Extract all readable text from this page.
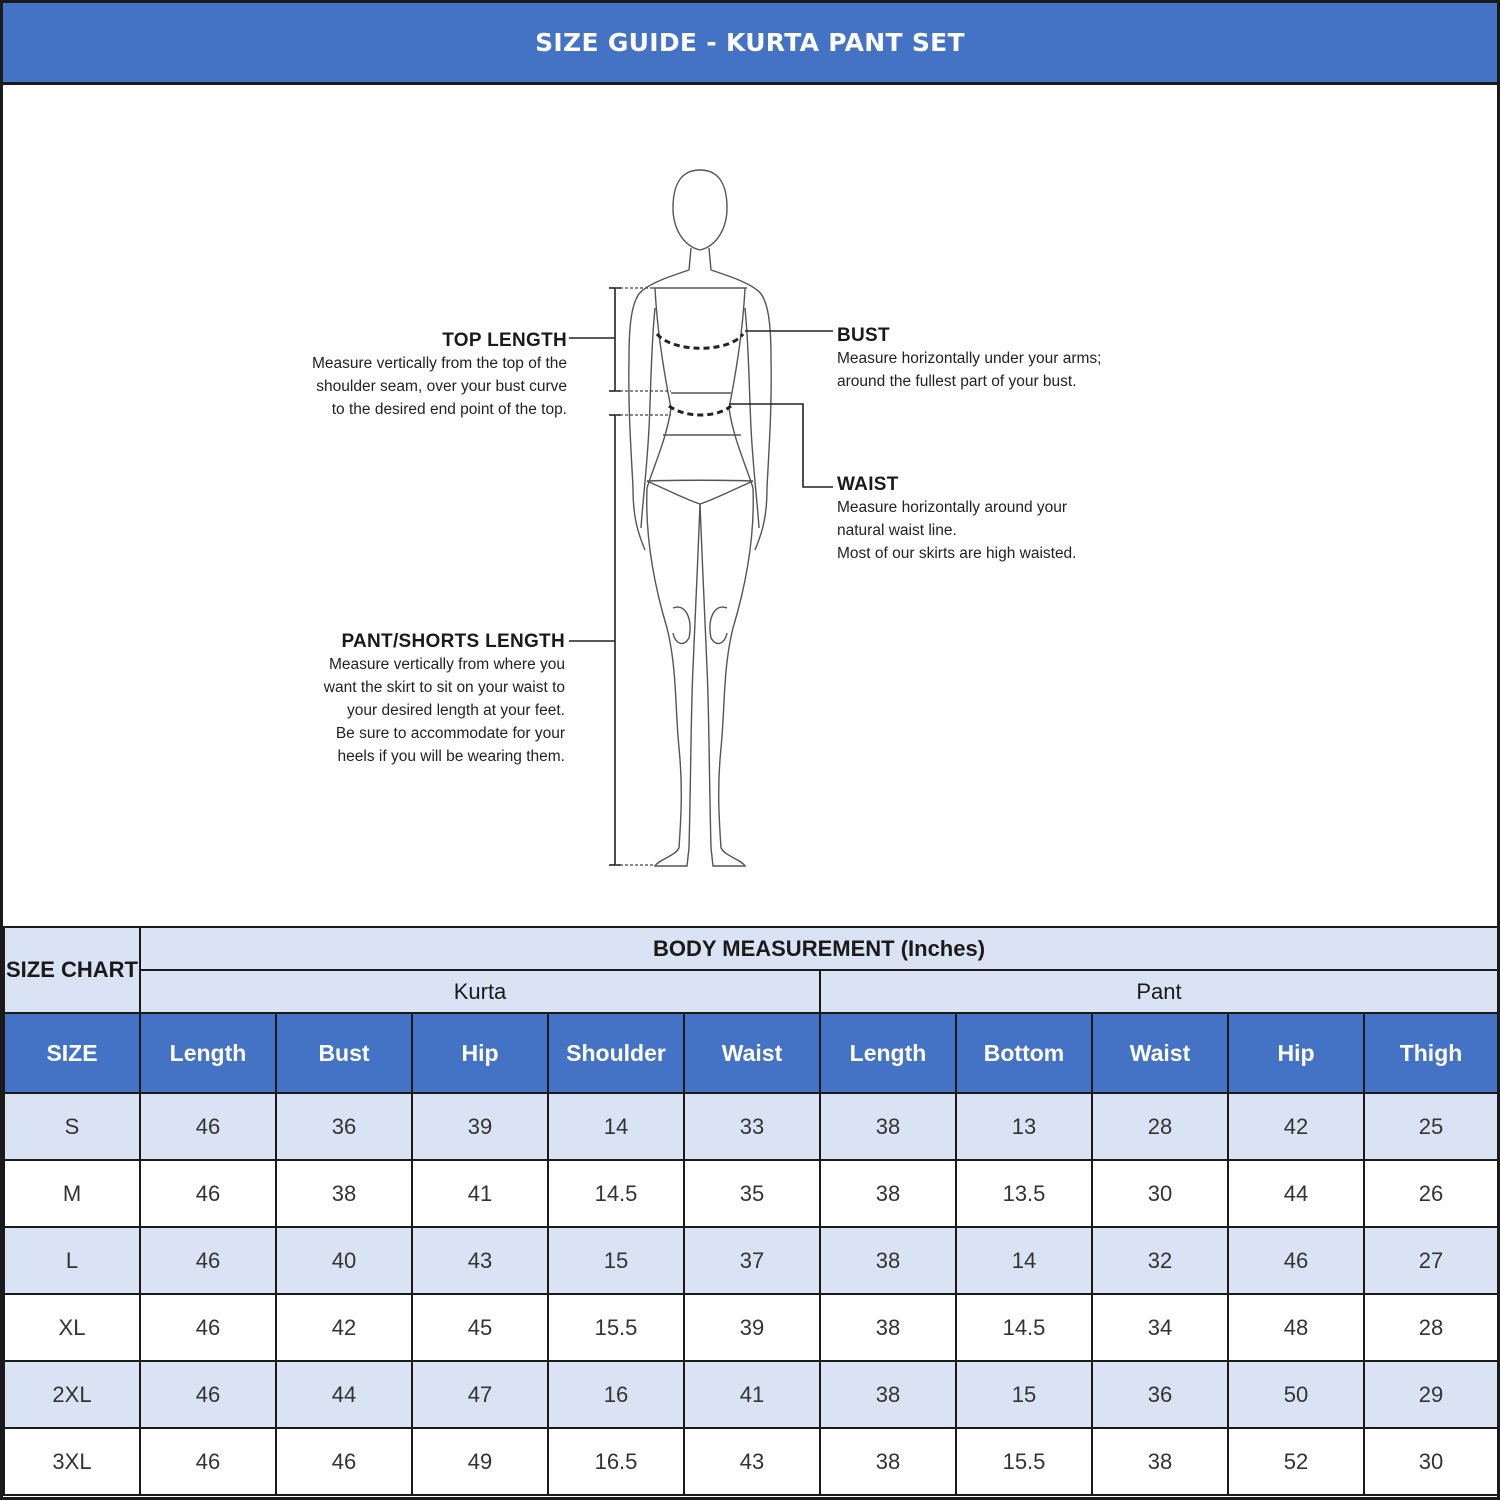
SIZE GUIDE - KURTA PANT SET
TOP LENGTH
Measure vertically from the top of the
shoulder seam, over your bust curve
to the desired end point of the top.
BUST
Measure horizontally under your arms;
around the fullest part of your bust.
WAIST
Measure horizontally around your
natural waist line.
Most of our skirts are high waisted.
PANT/SHORTS LENGTH
Measure vertically from where you
want the skirt to sit on your waist to
your desired length at your feet.
Be sure to accommodate for your
heels if you will be wearing them.
SIZE CHART	BODY MEASUREMENT (Inches)									
	Kurta					Pant				
SIZE	Length	Bust	Hip	Shoulder	Waist	Length	Bottom	Waist	Hip	Thigh
S	46	36	39	14	33	38	13	28	42	25
M	46	38	41	14.5	35	38	13.5	30	44	26
L	46	40	43	15	37	38	14	32	46	27
XL	46	42	45	15.5	39	38	14.5	34	48	28
2XL	46	44	47	16	41	38	15	36	50	29
3XL	46	46	49	16.5	43	38	15.5	38	52	30
